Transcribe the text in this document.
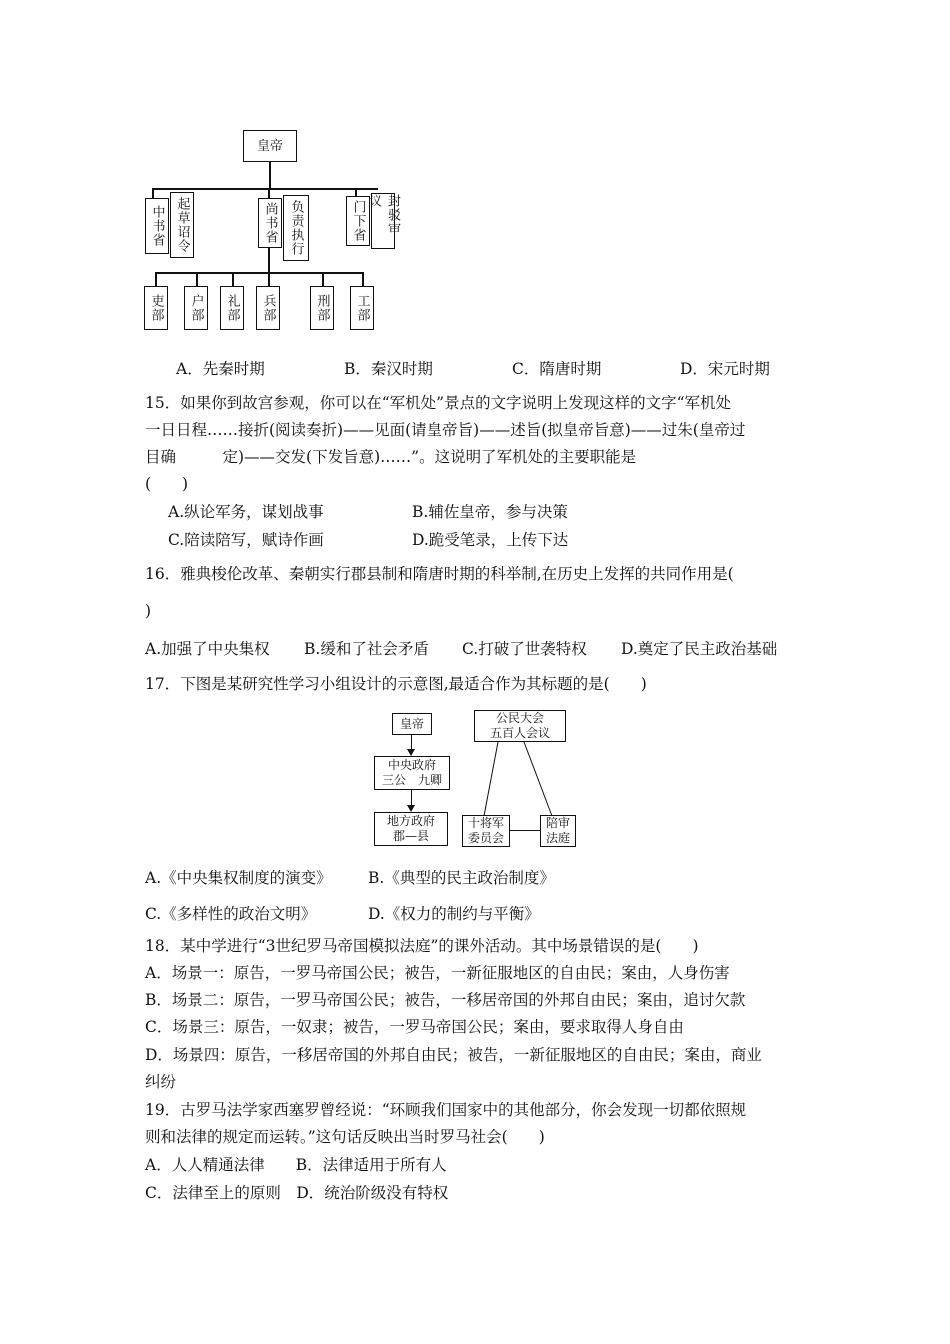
皇帝
中书省 起草诏令	尚书省 负责执行	门下省	封驳审议
吏部 户部 礼部 兵部	刑部 工部
A．先秦时期	B．秦汉时期	C．隋唐时期	D．宋元时期
15．如果你到故宫参观，你可以在“军机处”景点的文字说明上发现这样的文字“军机处
一日日程……接折(阅读奏折)——见面(请皇帝旨)——述旨(拟皇帝旨意)——过朱(皇帝过
目确　　　定)——交发(下发旨意)……”。这说明了军机处的主要职能是
(　　)
A.纵论军务，谋划战事	B.辅佐皇帝，参与决策
C.陪读陪写，赋诗作画	D.跪受笔录，上传下达
16．雅典梭伦改革、秦朝实行郡县制和隋唐时期的科举制,在历史上发挥的共同作用是(
)
A.加强了中央集权 B.缓和了社会矛盾 C.打破了世袭特权 D.奠定了民主政治基础
17．下图是某研究性学习小组设计的示意图,最适合作为其标题的是(　　)
皇帝
中央政府
三公　九卿
地方政府
郡—县
公民大会
五百人会议
十将军
委员会
陪审
法庭
A.《中央集权制度的演变》 B.《典型的民主政治制度》
C.《多样性的政治文明》	D.《权力的制约与平衡》
18．某中学进行“3世纪罗马帝国模拟法庭”的课外活动。其中场景错误的是(　　)
A．场景一：原告，一罗马帝国公民；被告，一新征服地区的自由民；案由，人身伤害
B．场景二：原告，一罗马帝国公民；被告，一移居帝国的外邦自由民；案由，追讨欠款
C．场景三：原告，一奴隶；被告，一罗马帝国公民；案由，要求取得人身自由
D．场景四：原告，一移居帝国的外邦自由民；被告，一新征服地区的自由民；案由，商业
纠纷
19．古罗马法学家西塞罗曾经说：“环顾我们国家中的其他部分，你会发现一切都依照规
则和法律的规定而运转。”这句话反映出当时罗马社会(　　)
A．人人精通法律　　B．法律适用于所有人
C．法律至上的原则　D．统治阶级没有特权
